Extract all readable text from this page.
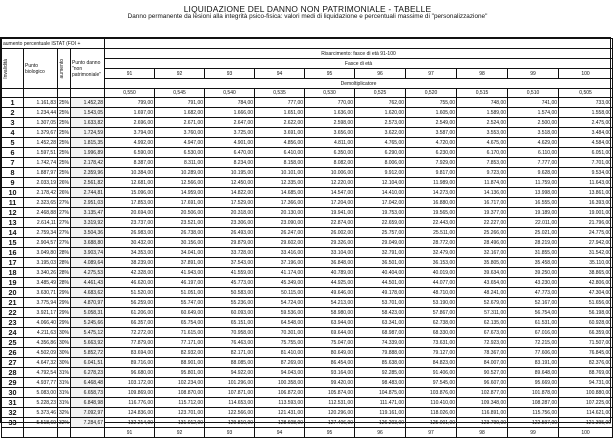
LIQUIDAZIONE DEL DANNO NON PATRIMONIALE - TABELLE
Danno permanente da lesioni alla integrità psico-fisica: valori medi di liquidazione e percentuali massime di "personalizzazione"
aumento percentuale ISTAT (FOI +													

Invalidità	Punto biologico	aumento	Punto danno "non patrimoniale"	Risarcimento: fasce di età 91-100									
				Fasce di età									
				91	92	93	94	95	96	97	98	99	100
				Demoltiplicatore									
				0,550	0,545	0,540	0,535	0,530	0,525	0,520	0,515	0,510	0,505
1	1.161,83	25%	1.452,28	799,00	791,00	784,00	777,00	770,00	762,00	755,00	748,00	741,00	733,00
2	1.234,44	25%	1.543,05	1.697,00	1.682,00	1.666,00	1.651,00	1.636,00	1.620,00	1.605,00	1.589,00	1.574,00	1.558,00
3	1.307,05	25%	1.633,82	2.696,00	2.671,00	2.647,00	2.622,00	2.598,00	2.573,00	2.549,00	2.524,00	2.500,00	2.475,00
4	1.379,67	25%	1.724,59	3.794,00	3.760,00	3.725,00	3.691,00	3.656,00	3.622,00	3.587,00	3.553,00	3.518,00	3.484,00
5	1.452,28	25%	1.815,35	4.992,00	4.947,00	4.901,00	4.856,00	4.811,00	4.765,00	4.720,00	4.675,00	4.629,00	4.584,00
6	1.597,51	25%	1.996,89	6.590,00	6.530,00	6.470,00	6.410,00	6.350,00	6.290,00	6.230,00	6.170,00	6.110,00	6.051,00
7	1.742,74	25%	2.178,42	8.387,00	8.311,00	8.234,00	8.158,00	8.082,00	8.006,00	7.929,00	7.853,00	7.777,00	7.701,00
8	1.887,97	25%	2.359,96	10.384,00	10.289,00	10.195,00	10.101,00	10.006,00	9.912,00	9.817,00	9.723,00	9.628,00	9.534,00
9	2.033,19	26%	2.561,82	12.681,00	12.566,00	12.450,00	12.335,00	12.220,00	12.104,00	11.989,00	11.874,00	11.759,00	11.643,00
10	2.178,42	26%	2.744,81	15.096,00	14.959,00	14.822,00	14.685,00	14.547,00	14.410,00	14.273,00	14.136,00	13.998,00	13.861,00
11	2.323,65	27%	2.951,03	17.853,00	17.691,00	17.529,00	17.366,00	17.204,00	17.042,00	16.880,00	16.717,00	16.555,00	16.393,00
12	2.468,88	27%	3.135,47	20.694,00	20.506,00	20.318,00	20.130,00	19.941,00	19.753,00	19.565,00	19.377,00	19.189,00	19.001,00
13	2.614,11	27%	3.319,92	23.737,00	23.521,00	23.306,00	23.090,00	22.874,00	22.659,00	22.443,00	22.227,00	22.011,00	21.796,00
14	2.759,34	27%	3.504,36	26.983,00	26.738,00	26.493,00	26.247,00	26.002,00	25.757,00	25.511,00	25.266,00	25.021,00	24.775,00
15	2.904,57	27%	3.688,80	30.432,00	30.156,00	29.879,00	29.602,00	29.326,00	29.049,00	28.772,00	28.496,00	28.219,00	27.942,00
16	3.049,80	28%	3.903,74	34.353,00	34.041,00	33.728,00	33.416,00	33.104,00	32.791,00	32.479,00	32.167,00	31.855,00	31.542,00
17	3.195,03	28%	4.089,64	38.239,00	37.891,00	37.543,00	37.196,00	36.848,00	36.501,00	36.153,00	35.805,00	35.458,00	35.110,00
18	3.340,26	28%	4.275,53	42.328,00	41.943,00	41.559,00	41.174,00	40.789,00	40.404,00	40.019,00	39.634,00	39.250,00	38.865,00
19	3.485,49	28%	4.461,43	46.620,00	46.197,00	45.773,00	45.349,00	44.925,00	44.501,00	44.077,00	43.654,00	43.230,00	42.806,00
20	3.630,71	29%	4.683,62	51.520,00	51.051,00	50.583,00	50.115,00	49.646,00	49.178,00	48.710,00	48.241,00	47.773,00	47.304,00
21	3.775,94	29%	4.870,97	56.259,00	55.747,00	55.236,00	54.724,00	54.213,00	53.701,00	53.190,00	52.679,00	52.167,00	51.656,00
22	3.921,17	29%	5.058,31	61.206,00	60.649,00	60.093,00	59.536,00	58.980,00	58.423,00	57.867,00	57.311,00	56.754,00	56.198,00
23	4.066,40	29%	5.245,66	66.357,00	65.754,00	65.151,00	64.548,00	63.944,00	63.341,00	62.738,00	62.135,00	61.531,00	60.928,00
24	4.211,63	30%	5.475,12	72.272,00	71.615,00	70.958,00	70.301,00	69.644,00	68.987,00	68.330,00	67.673,00	67.016,00	66.359,00
25	4.356,86	30%	5.663,92	77.879,00	77.171,00	76.463,00	75.755,00	75.047,00	74.339,00	73.631,00	72.923,00	72.215,00	71.507,00
26	4.502,09	30%	5.852,72	83.694,00	82.932,00	82.171,00	81.410,00	80.649,00	79.888,00	79.127,00	78.367,00	77.606,00	76.845,00
27	4.647,32	30%	6.041,51	89.716,00	88.901,00	88.085,00	87.269,00	86.454,00	85.638,00	84.823,00	84.007,00	83.191,00	82.376,00
28	4.792,54	31%	6.278,23	96.680,00	95.801,00	94.922,00	94.043,00	93.164,00	92.285,00	91.406,00	90.527,00	89.648,00	88.769,00
29	4.937,77	31%	6.468,48	103.172,00	102.234,00	101.296,00	100.358,00	99.420,00	98.483,00	97.545,00	96.607,00	95.669,00	94.731,00
30	5.083,00	31%	6.658,73	109.869,00	108.870,00	107.871,00	106.872,00	105.874,00	104.875,00	103.876,00	102.877,00	101.878,00	100.880,00
31	5.228,23	31%	6.848,98	116.776,00	115.712,00	114.653,00	113.593,00	112.531,00	111.471,00	110.410,00	109.348,00	108.287,00	107.225,00
32	5.373,46	32%	7.092,97	124.836,00	123.701,00	122.566,00	121.431,00	120.296,00	119.161,00	118.026,00	116.891,00	115.756,00	114.621,00
33	5.518,69	32%	7.284,67	132.214,00	131.012,00	129.810,00	128.608,00	127.406,00	126.203,00	125.001,00	123.799,00	122.597,00	121.395,00
				91	92	93	94	95	96	97	98	99	100
